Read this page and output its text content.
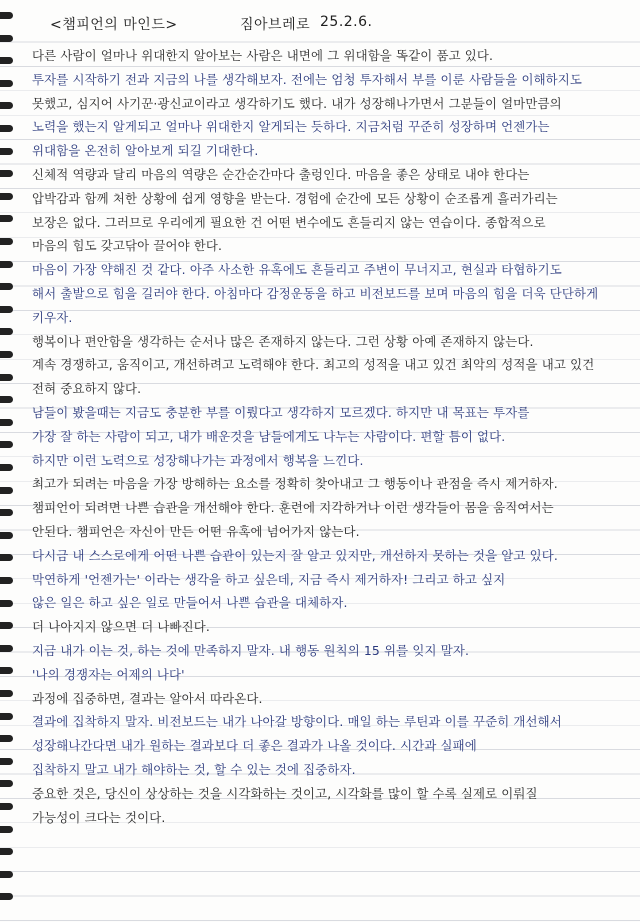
<챔피언의 마인드>	짐아브레로 25.2.6.
다른 사람이 얼마나 위대한지 알아보는 사람은 내면에 그 위대함을 똑같이 품고 있다.
투자를 시작하기 전과 지금의 나를 생각해보자. 전에는 엄청 투자해서 부를 이룬 사람들을 이해하지도
못했고, 심지어 사기꾼·광신교이라고 생각하기도 했다. 내가 성장해나가면서 그분들이 얼마만큼의
노력을 했는지 알게되고 얼마나 위대한지 알게되는 듯하다. 지금처럼 꾸준히 성장하며 언젠가는
위대함을 온전히 알아보게 되길 기대한다.
신체적 역량과 달리 마음의 역량은 순간순간마다 출렁인다. 마음을 좋은 상태로 내야 한다는
압박감과 함께 처한 상황에 쉽게 영향을 받는다. 경험에 순간에 모든 상황이 순조롭게 흘러가리는
보장은 없다. 그러므로 우리에게 필요한 건 어떤 변수에도 흔들리지 않는 연습이다. 종합적으로
마음의 힘도 갖고닦아 끌어야 한다.
마음이 가장 약해진 것 같다. 아주 사소한 유혹에도 흔들리고 주변이 무너지고, 현실과 타협하기도
해서 출발으로 힘을 길러야 한다. 아침마다 감정운동을 하고 비전보드를 보며 마음의 힘을 더욱 단단하게
키우자.
행복이나 편안함을 생각하는 순서나 많은 존재하지 않는다. 그런 상황 아예 존재하지 않는다.
계속 경쟁하고, 움직이고, 개선하려고 노력해야 한다. 최고의 성적을 내고 있건 최악의 성적을 내고 있건
전혀 중요하지 않다.
남들이 봤을때는 지금도 충분한 부를 이뤘다고 생각하지 모르겠다. 하지만 내 목표는 투자를
가장 잘 하는 사람이 되고, 내가 배운것을 남들에게도 나누는 사람이다. 편할 틈이 없다.
하지만 이런 노력으로 성장해나가는 과정에서 행복을 느낀다.
최고가 되려는 마음을 가장 방해하는 요소를 정확히 찾아내고 그 행동이나 관점을 즉시 제거하자.
챔피언이 되려면 나쁜 습관을 개선해야 한다. 훈련에 지각하거나 이런 생각들이 몸을 움직여서는
안된다. 챔피언은 자신이 만든 어떤 유혹에 넘어가지 않는다.
다시금 내 스스로에게 어떤 나쁜 습관이 있는지 잘 알고 있지만, 개선하지 못하는 것을 알고 있다.
막연하게 '언젠가는' 이라는 생각을 하고 싶은데, 지금 즉시 제거하자! 그리고 하고 싶지
않은 일은 하고 싶은 일로 만들어서 나쁜 습관을 대체하자.
더 나아지지 않으면 더 나빠진다.
지금 내가 이는 것, 하는 것에 만족하지 말자. 내 행동 원칙의 15 위를 잊지 말자.
'나의 경쟁자는 어제의 나다'
과정에 집중하면, 결과는 알아서 따라온다.
결과에 집착하지 말자. 비전보드는 내가 나아갈 방향이다. 매일 하는 루틴과 이를 꾸준히 개선해서
성장해나간다면 내가 원하는 결과보다 더 좋은 결과가 나올 것이다. 시간과 실패에
집착하지 말고 내가 해야하는 것, 할 수 있는 것에 집중하자.
중요한 것은, 당신이 상상하는 것을 시각화하는 것이고, 시각화를 많이 할 수록 실제로 이뤄질
가능성이 크다는 것이다.
